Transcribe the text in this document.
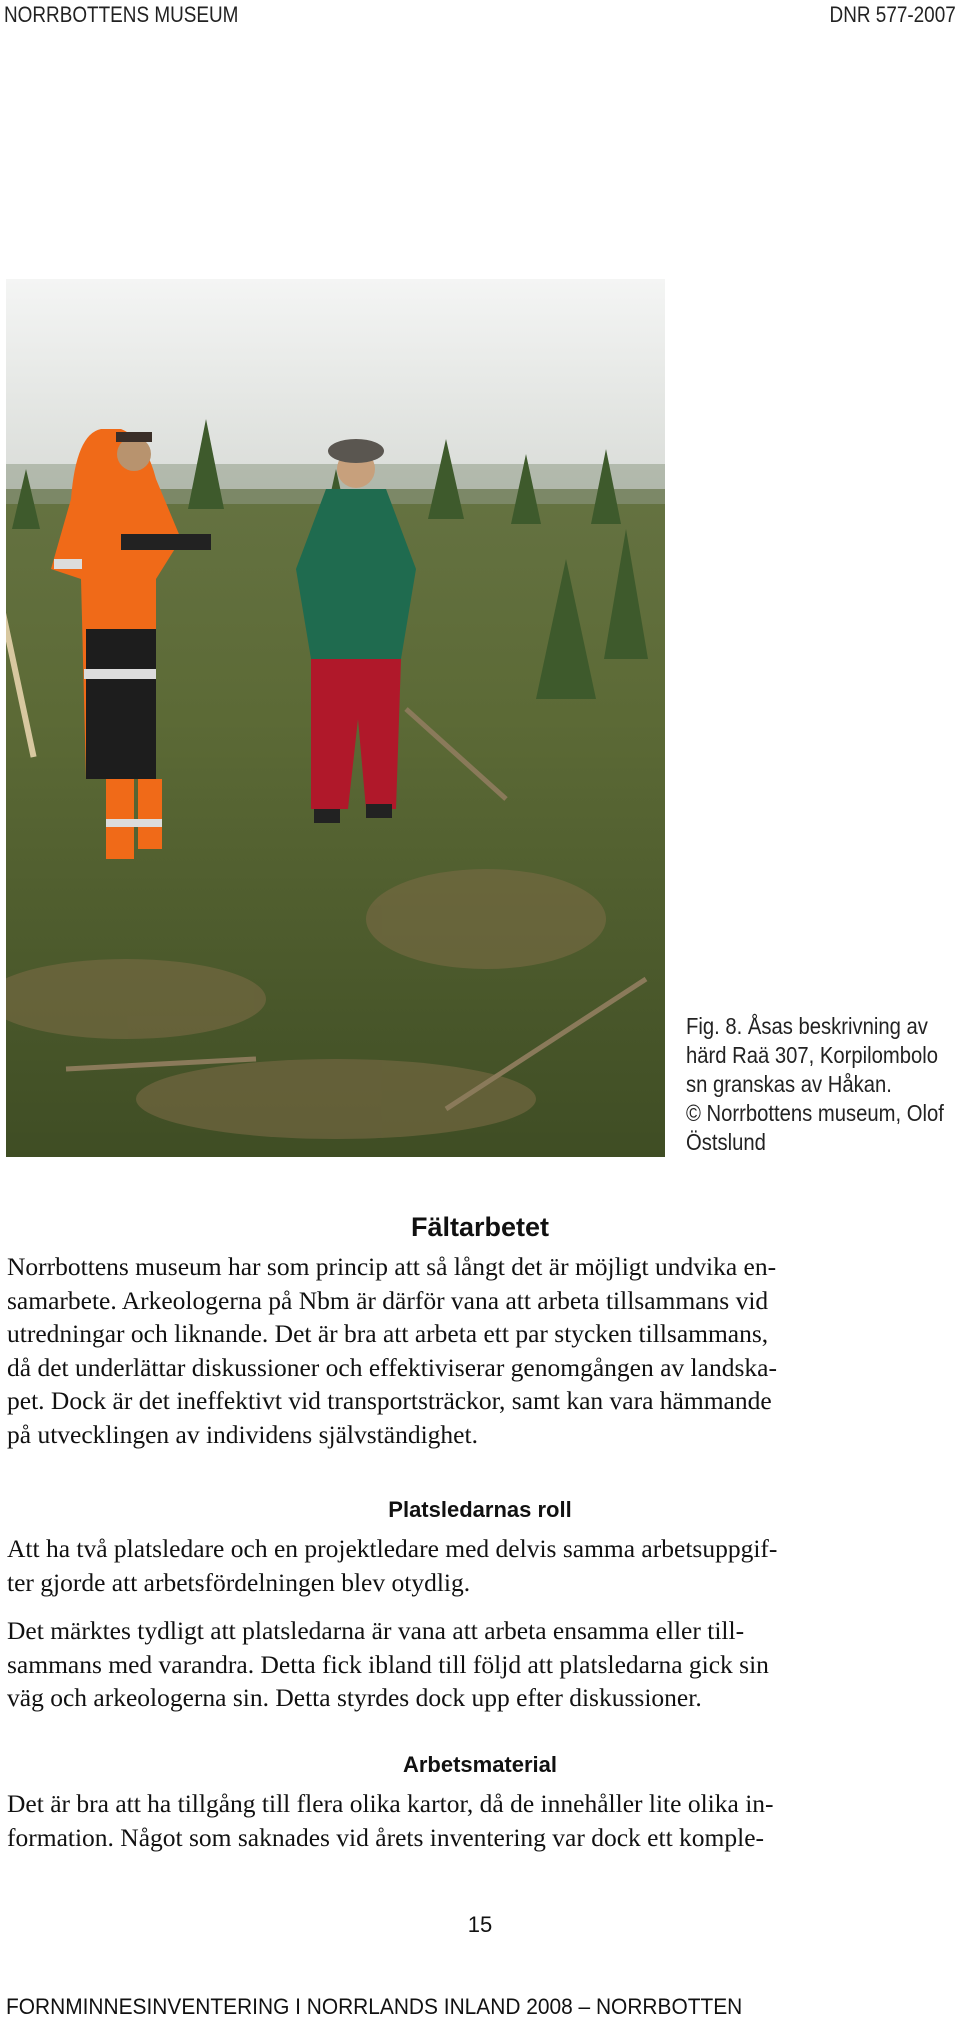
NORRBOTTENS MUSEUM	DNR 577-2007
Fig. 8. Åsas beskrivning av
härd Raä 307, Korpilombolo
sn granskas av Håkan.
© Norrbottens museum, Olof
Östslund
Fältarbetet
Norrbottens museum har som princip att så långt det är möjligt undvika en-
samarbete. Arkeologerna på Nbm är därför vana att arbeta tillsammans vid
utredningar och liknande. Det är bra att arbeta ett par stycken tillsammans,
då det underlättar diskussioner och effektiviserar genomgången av landska-
pet. Dock är det ineffektivt vid transportsträckor, samt kan vara hämmande
på utvecklingen av individens självständighet.
Platsledarnas roll
Att ha två platsledare och en projektledare med delvis samma arbetsuppgif-
ter gjorde att arbetsfördelningen blev otydlig.
Det märktes tydligt att platsledarna är vana att arbeta ensamma eller till-
sammans med varandra. Detta fick ibland till följd att platsledarna gick sin
väg och arkeologerna sin. Detta styrdes dock upp efter diskussioner.
Arbetsmaterial
Det är bra att ha tillgång till flera olika kartor, då de innehåller lite olika in-
formation. Något som saknades vid årets inventering var dock ett komple-
15
FORNMINNESINVENTERING I NORRLANDS INLAND 2008 – NORRBOTTEN
